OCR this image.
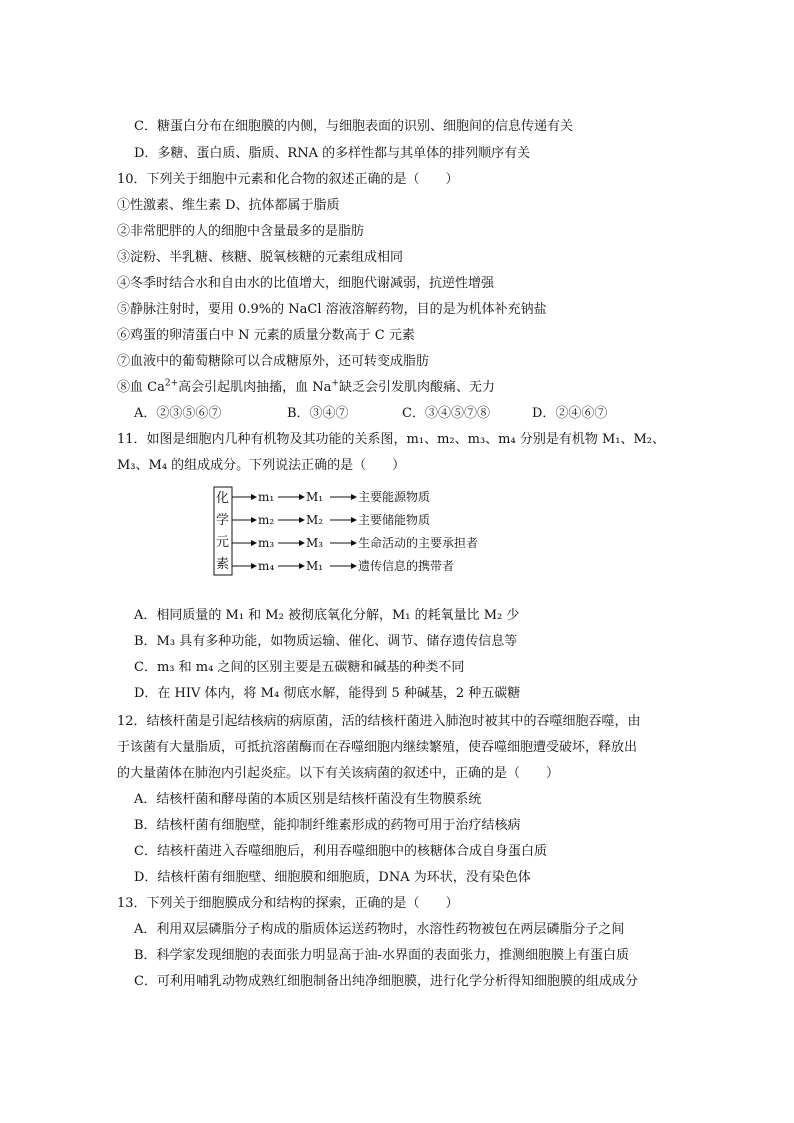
C．糖蛋白分布在细胞膜的内侧，与细胞表面的识别、细胞间的信息传递有关
D．多糖、蛋白质、脂质、RNA 的多样性都与其单体的排列顺序有关
10．下列关于细胞中元素和化合物的叙述正确的是（　　）
①性激素、维生素 D、抗体都属于脂质
②非常肥胖的人的细胞中含量最多的是脂肪
③淀粉、半乳糖、核糖、脱氧核糖的元素组成相同
④冬季时结合水和自由水的比值增大，细胞代谢减弱，抗逆性增强
⑤静脉注射时，要用 0.9%的 NaCl 溶液溶解药物，目的是为机体补充钠盐
⑥鸡蛋的卵清蛋白中 N 元素的质量分数高于 C 元素
⑦血液中的葡萄糖除可以合成糖原外，还可转变成脂肪
⑧血 $Ca^{2+}$高会引起肌肉抽搐，血 Na+缺乏会引发肌肉酸痛、无力
A．②③⑤⑥⑦	B．③④⑦	C．③④⑤⑦⑧	D．②④⑥⑦
11．如图是细胞内几种有机物及其功能的关系图，m₁、m₂、m₃、m₄ 分别是有机物 M₁、M₂、
M₃、M₄ 的组成成分。下列说法正确的是（　　）
化
学
元
素
m₁	M₁	主要能源物质
m₂	M₂	主要储能物质
m₃	M₃	生命活动的主要承担者
m₄	M₁	遗传信息的携带者
A．相同质量的 M₁ 和 M₂ 被彻底氧化分解，M₁ 的耗氧量比 M₂ 少
B．M₃ 具有多种功能，如物质运输、催化、调节、储存遗传信息等
C．m₃ 和 m₄ 之间的区别主要是五碳糖和碱基的种类不同
D．在 HIV 体内，将 M₄ 彻底水解，能得到 5 种碱基，2 种五碳糖
12．结核杆菌是引起结核病的病原菌，活的结核杆菌进入肺泡时被其中的吞噬细胞吞噬，由
于该菌有大量脂质，可抵抗溶菌酶而在吞噬细胞内继续繁殖，使吞噬细胞遭受破坏，释放出
的大量菌体在肺泡内引起炎症。以下有关该病菌的叙述中，正确的是（　　）
A．结核杆菌和酵母菌的本质区别是结核杆菌没有生物膜系统
B．结核杆菌有细胞壁，能抑制纤维素形成的药物可用于治疗结核病
C．结核杆菌进入吞噬细胞后，利用吞噬细胞中的核糖体合成自身蛋白质
D．结核杆菌有细胞壁、细胞膜和细胞质，DNA 为环状，没有染色体
13．下列关于细胞膜成分和结构的探索，正确的是（　　）
A．利用双层磷脂分子构成的脂质体运送药物时，水溶性药物被包在两层磷脂分子之间
B．科学家发现细胞的表面张力明显高于油-水界面的表面张力，推测细胞膜上有蛋白质
C．可利用哺乳动物成熟红细胞制备出纯净细胞膜，进行化学分析得知细胞膜的组成成分
